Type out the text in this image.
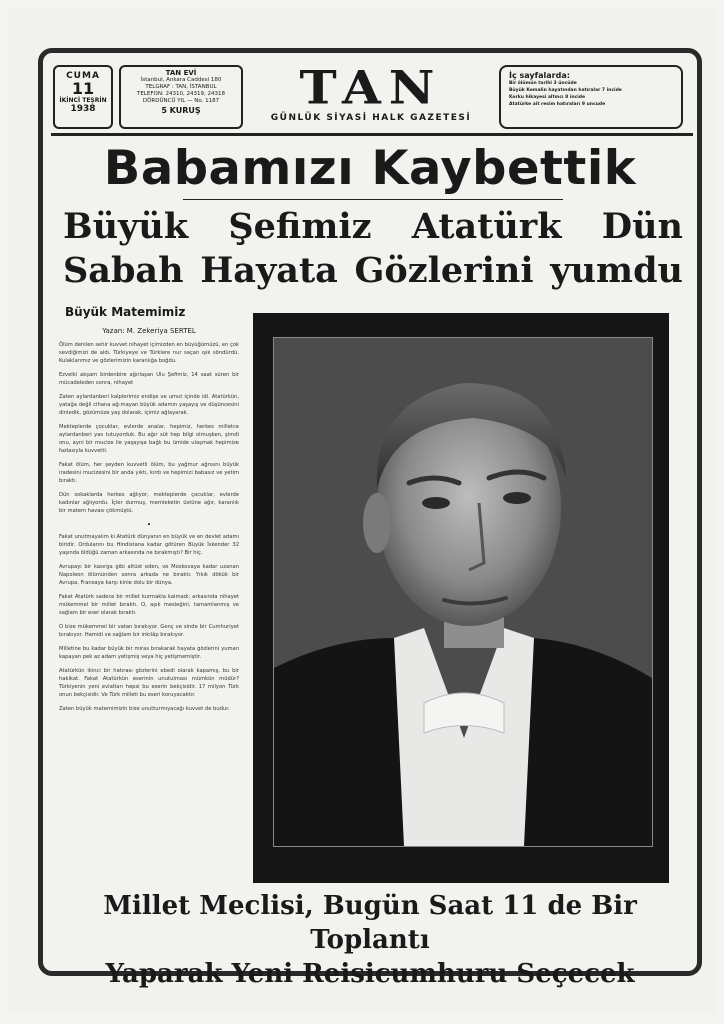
CUMA
11
İKİNCİ TEŞRİN
1938
TAN EVİ
İstanbul, Ankara Caddesi 180
TELGRAF : TAN, İSTANBUL
TELEFON: 24310, 24319, 24318
DÖRDÜNCÜ YIL — No. 1187
5 KURUŞ	TAN
GÜNLÜK SİYASİ HALK GAZETESİ
İç sayfalarda:
Bir ölümün tarihi 3 üncüde
Büyük Kemalin hayatından hatıralar 7 incide
Korku hikayesi altıncı 8 incide
Atatürke ait resim hatıraları 9 uncude
Babamızı Kaybettik
Büyük Şefimiz Atatürk Dün Sabah Hayata Gözlerini yumdu
Büyük Matemimiz
Yazan: M. Zekeriya SERTEL

Ölüm denilen sehir kuvvet nihayet içimizden en büyüğümüzü, en çok sevdiğimizi de aldı. Türkiyeye ve Türklere nur saçan ışık söndürdü. Kulaklarımız ve gözlerimizin karanlığa boğdu.

Ezvelki akşam birdenbire ağırlaşan Ulu Şefimiz, 14 saat süren bir mücadeleden sonra, nihayet

Zaten aylardanberi kalplerimiz endişe ve umut içinde idi. Atatürkün, yatağa değil cihana ağ-mayan büyük adamın yaşayış ve düşüncesini dinledik, gözümüze yaş dolarak, içimiz ağlayarak.

Mekteplerde çocuklar, evlerde analar, hepimiz, herkes milletce aylardanberi yas tutuyorduk. Bu ağır süt hep bilgi olmuşken, şimdi onu, ayni bir mucize ile yaşayışa bağlı bu ümide ulaşmak hepimize fazlasıyla kuvvetti.

Fakat ölüm, her şeyden kuvvetli ölüm, bu yağmur ağrısını büyük iradesini mucizesini bir anda yıktı, kırdı ve hepimizi babasız ve yetim bıraktı.

Dün sokaklarda herkes ağlıyor, mekteplerde çocuklar, evlerde kadınlar ağlıyordu. İçler durmuş, memleketin üstüne ağır, karanlık bir matem havası çökmüştü.

•

Fakat unutmayalım ki Atatürk dünyanın en büyük ve en devlet adamı biridir. Ordularını bu Hindistana kadar götüren Büyük İskender 32 yaşında öldüğü zaman arkasında ne bırakmıştı? Bir hiç.

Avrupayı bir kasırga gibi altüst eden, ve Moskovaya kadar uzanan Napoleon ölümünden sonra arkada ne bıraktı: Yıkık dökük bir Avrupa, Fransaya karşı kinle dolu bir dünya.

Fakat Atatürk sadece bir millet kurmakla kalmadı; arkasında nihayet mükemmel bir millet bıraktı. O, aşık mesleğini, tamamlanmış ve sağlam bir eser olarak bıraktı.

O bize mükemmel bir vatan bırakıyor. Genç ve sinde bir Cumhuriyet bırakıyor. Hamidi ve sağlam bir inkılâp bırakıyor.

Milletine bu kadar büyük bir miras bırakarak hayata gözlerini yuman kapayan pek az adam yetişmiş veya hiç yetişmemiştir.

Atatürkün ikinci bir hatırası gözlerini ebedi olarak kapamış, bu bir hakikat. Fakat Atatürkün eserinin unutulması mümkün müdür? Türkiyenin yeni evlatları hepsi bu eserin bekçisidir. 17 milyon Türk onun bekçisidir. Ve Türk milleti bu eseri koruyacaktır.

Zaten büyük matemimizin bize unutturmıyacağı kuvvet de budur.

Millet Meclisi, Bugün Saat 11 de Bir Toplantı
Yaparak Yeni Reisicumhuru Seçecek
